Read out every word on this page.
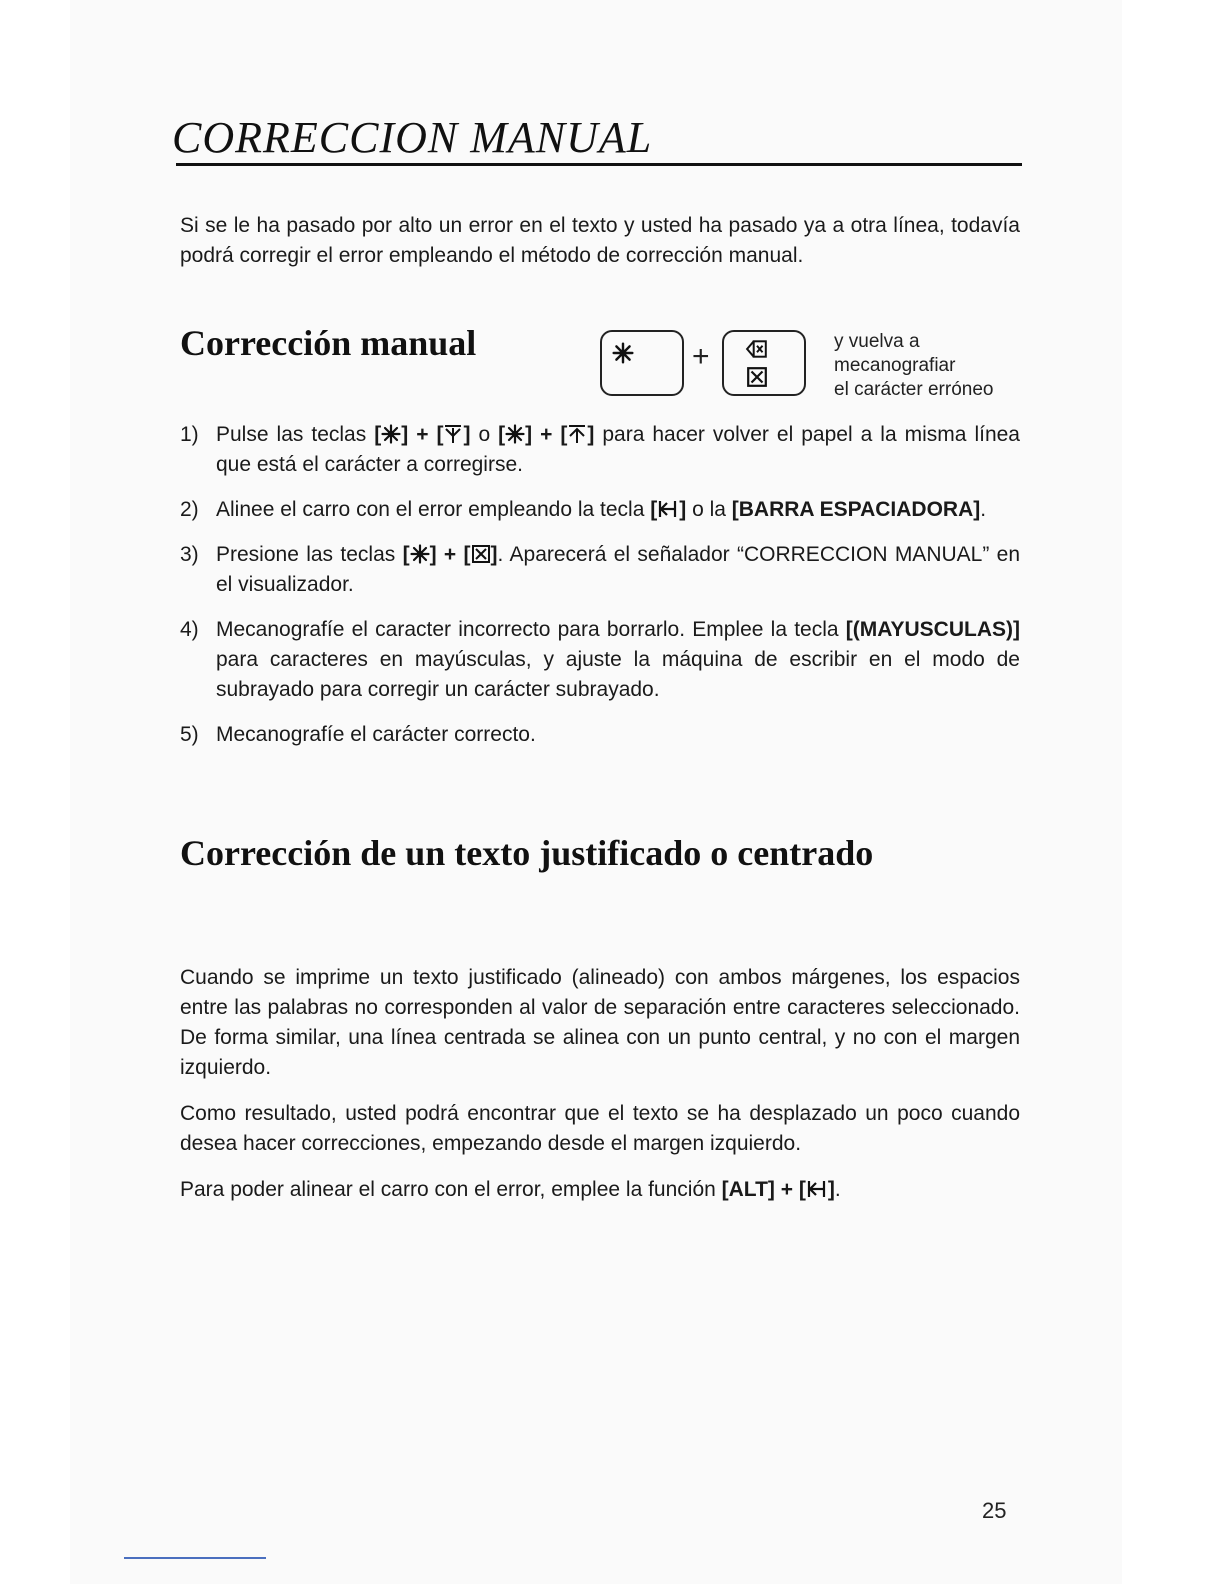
CORRECCION MANUAL

Si se le ha pasado por alto un error en el texto y usted ha pasado ya a otra línea, todavía podrá corregir el error empleando el método de corrección manual.

Corrección manual	+	y vuelva a
mecanografiar
el carácter erróneo
1) Pulse las teclas [ ] + [ ] o [ ] + [ ] para hacer volver el papel a la misma línea que está el carácter a corregirse.
2) Alinee el carro con el error empleando la tecla [ ] o la [BARRA ESPACIADORA].
3) Presione las teclas [ ] + [ ]. Aparecerá el señalador “CORRECCION MANUAL” en el visualizador.
4) Mecanografíe el caracter incorrecto para borrarlo. Emplee la tecla [(MAYUSCULAS)] para caracteres en mayúsculas, y ajuste la máquina de escribir en el modo de subrayado para corregir un carácter subrayado.
5) Mecanografíe el carácter correcto.
Corrección de un texto justificado o centrado

Cuando se imprime un texto justificado (alineado) con ambos márgenes, los espacios entre las palabras no corresponden al valor de separación entre caracteres seleccionado. De forma similar, una línea centrada se alinea con un punto central, y no con el margen izquierdo.

Como resultado, usted podrá encontrar que el texto se ha desplazado un poco cuando desea hacer correcciones, empezando desde el margen izquierdo.

Para poder alinear el carro con el error, emplee la función [ALT] + [ ].

25
